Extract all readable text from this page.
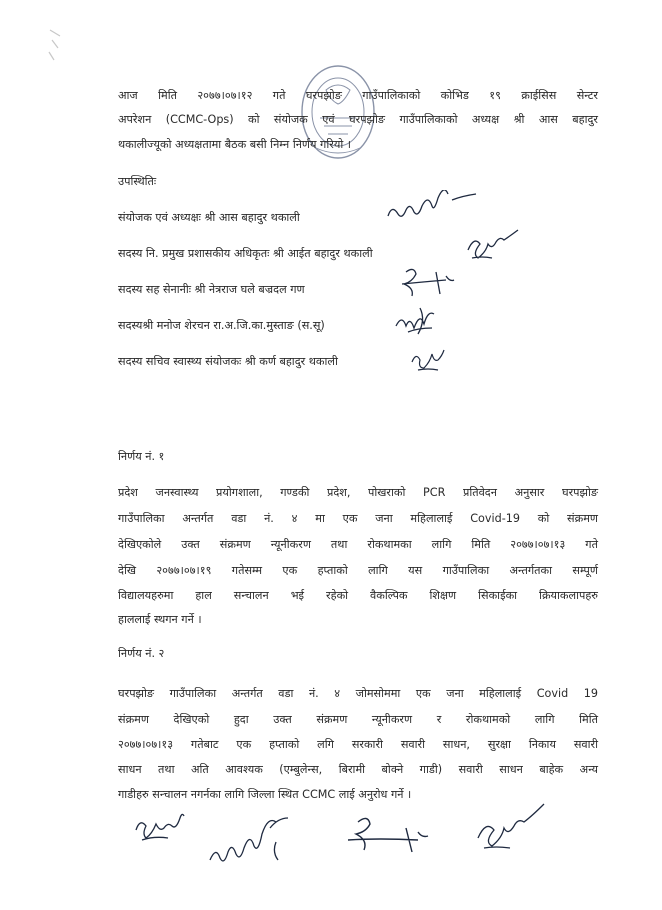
आज मिति २०७७।०७।१२ गते घरपझोङ गाउँपालिकाको कोभिड १९ क्राईसिस सेन्टर
अपरेशन (CCMC-Ops) को संयोजक एवं घरपझोङ गाउँपालिकाको अध्यक्ष श्री आस बहादुर
थकालीज्यूको अध्यक्षतामा बैठक बसी निम्न निर्णय गरियो ।
उपस्थितिः
संयोजक एवं अध्यक्षः श्री आस बहादुर थकाली
सदस्य नि. प्रमुख प्रशासकीय अधिकृतः श्री आईत बहादुर थकाली
सदस्य सह सेनानीः श्री नेत्रराज घले बज्रदल गण
सदस्यश्री मनोज शेरचन रा.अ.जि.का.मुस्ताङ (स.सू)
सदस्य सचिव स्वास्थ्य संयोजकः श्री कर्ण बहादुर थकाली
निर्णय नं. १
प्रदेश जनस्वास्थ्य प्रयोगशाला, गण्डकी प्रदेश, पोखराको PCR प्रतिवेदन अनुसार घरपझोङ
गाउँपालिका अन्तर्गत वडा नं. ४ मा एक जना महिलालाई Covid-19 को संक्रमण
देखिएकोले उक्त संक्रमण न्यूनीकरण तथा रोकथामका लागि मिति २०७७।०७।१३ गते
देखि २०७७।०७।१९ गतेसम्म एक हप्ताको लागि यस गाउँपालिका अन्तर्गतका सम्पूर्ण
विद्यालयहरुमा हाल सन्चालन भई रहेको वैकल्पिक शिक्षण सिकाईका क्रियाकलापहरु
हाललाई स्थगन गर्ने ।
निर्णय नं. २
घरपझोङ गाउँपालिका अन्तर्गत वडा नं. ४ जोमसोममा एक जना महिलालाई Covid 19
संक्रमण देखिएको हुदा उक्त संक्रमण न्यूनीकरण र रोकथामको लागि मिति
२०७७।०७।१३ गतेबाट एक हप्ताको लगि सरकारी सवारी साधन, सुरक्षा निकाय सवारी
साधन तथा अति आवश्यक (एम्बुलेन्स, बिरामी बोक्ने गाडी) सवारी साधन बाहेक अन्य
गाडीहरु सन्चालन नगर्नका लागि जिल्ला स्थित CCMC लाई अनुरोध गर्ने ।
